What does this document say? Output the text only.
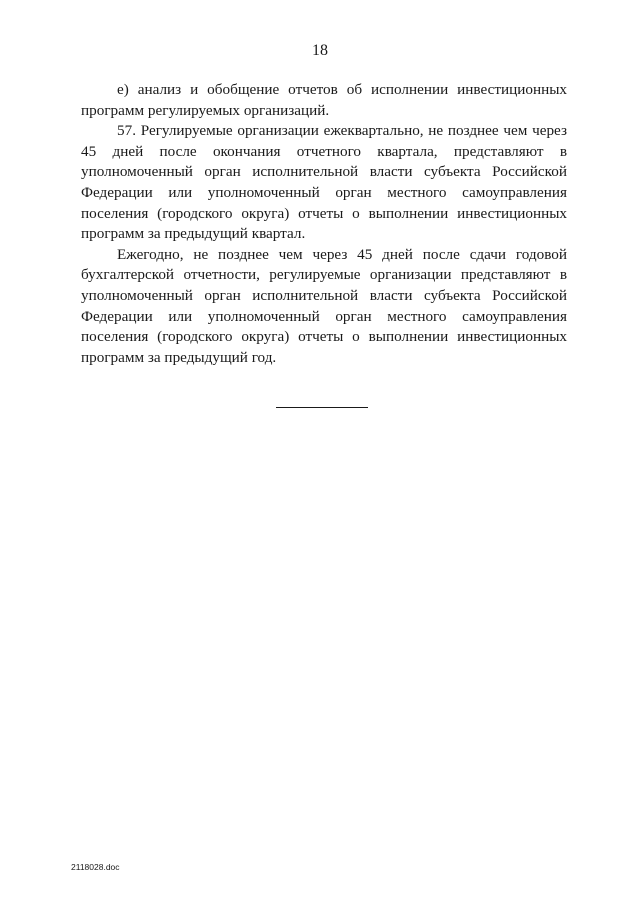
18

е) анализ и обобщение отчетов об исполнении инвестиционных программ регулируемых организаций.

57. Регулируемые организации ежеквартально, не позднее чем через 45 дней после окончания отчетного квартала, представляют в уполномоченный орган исполнительной власти субъекта Российской Федерации или уполномоченный орган местного самоуправления поселения (городского округа) отчеты о выполнении инвестиционных программ за предыдущий квартал.

Ежегодно, не позднее чем через 45 дней после сдачи годовой бухгалтерской отчетности, регулируемые организации представляют в уполномоченный орган исполнительной власти субъекта Российской Федерации или уполномоченный орган местного самоуправления поселения (городского округа) отчеты о выполнении инвестиционных программ за предыдущий год.

2118028.doc
